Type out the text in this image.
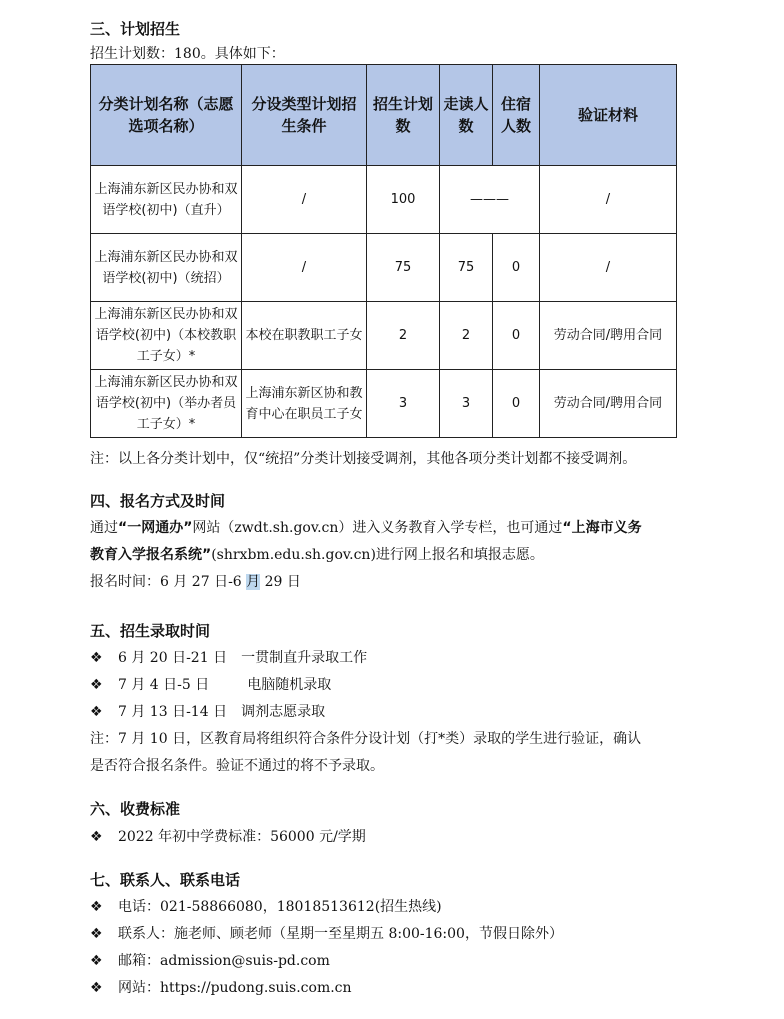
三、计划招生
招生计划数：180。具体如下：
分类计划名称（志愿选项名称）	分设类型计划招生条件	招生计划数	走读人数	住宿人数	验证材料
上海浦东新区民办协和双语学校(初中)（直升）	/	100	———		/
上海浦东新区民办协和双语学校(初中)（统招）	/	75	75	0	/
上海浦东新区民办协和双语学校(初中)（本校教职工子女）*	本校在职教职工子女	2	2	0	劳动合同/聘用合同
上海浦东新区民办协和双语学校(初中)（举办者员工子女）*	上海浦东新区协和教育中心在职员工子女	3	3	0	劳动合同/聘用合同
注：以上各分类计划中，仅“统招”分类计划接受调剂，其他各项分类计划都不接受调剂。
四、报名方式及时间
通过“一网通办”网站（zwdt.sh.gov.cn）进入义务教育入学专栏，也可通过“上海市义务
教育入学报名系统”(shrxbm.edu.sh.gov.cn)进行网上报名和填报志愿。
报名时间：6 月 27 日-6 月 29 日
五、招生录取时间
❖ 6 月 20 日-21 日 一贯制直升录取工作
❖ 7 月 4 日-5 日	电脑随机录取
❖ 7 月 13 日-14 日 调剂志愿录取
注：7 月 10 日，区教育局将组织符合条件分设计划（打*类）录取的学生进行验证，确认
是否符合报名条件。验证不通过的将不予录取。
六、收费标准
❖ 2022 年初中学费标准：56000 元/学期
七、联系人、联系电话
❖ 电话：021-58866080，18018513612(招生热线)
❖ 联系人：施老师、顾老师（星期一至星期五 8:00-16:00，节假日除外）
❖ 邮箱：admission@suis-pd.com
❖ 网站：https://pudong.suis.com.cn
